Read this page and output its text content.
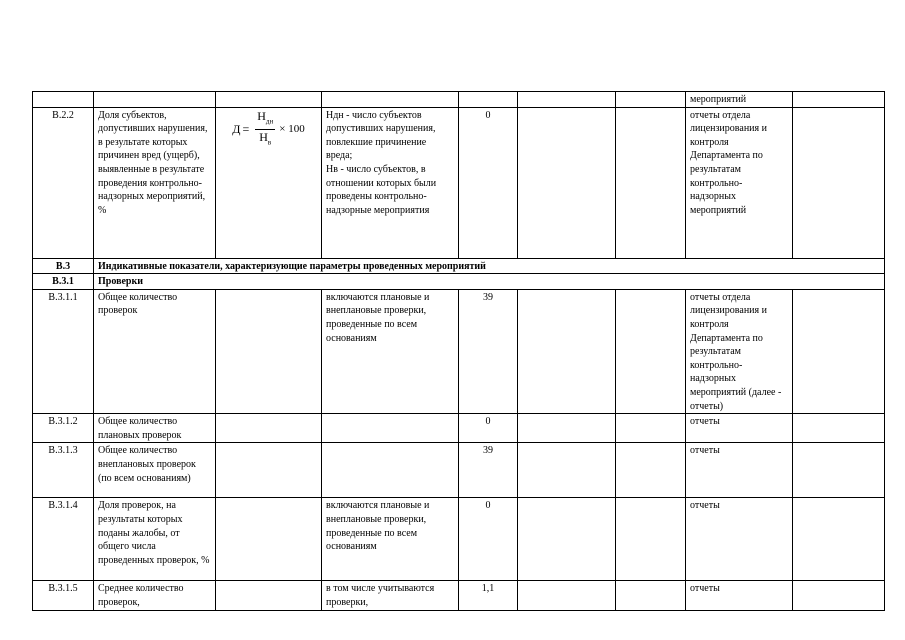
							мероприятий	
В.2.2	Доля субъектов, допустивших нарушения, в результате которых причинен вред (ущерб), выявленные в результате проведения контрольно-надзорных мероприятий, %	$Д = \frac{Н_{дн}}{Н_в} \times 100$	Ндн - число субъектов допустивших нарушения, повлекшие причинение вреда;
Нв - число субъектов, в отношении которых были проведены контрольно-надзорные мероприятия	0			отчеты отдела лицензирования и контроля Департамента по результатам контрольно-надзорных мероприятий	
В.3	Индикативные показатели, характеризующие параметры проведенных мероприятий							
В.3.1	Проверки							
В.3.1.1	Общее количество проверок		включаются плановые и внеплановые проверки, проведенные по всем основаниям	39			отчеты отдела лицензирования и контроля Департамента по результатам контрольно-надзорных мероприятий (далее - отчеты)	
В.3.1.2	Общее количество плановых проверок			0			отчеты	
В.3.1.3	Общее количество внеплановых проверок (по всем основаниям)			39			отчеты	
В.3.1.4	Доля проверок, на результаты которых поданы жалобы, от общего числа проведенных проверок, %		включаются плановые и внеплановые проверки, проведенные по всем основаниям	0			отчеты	
В.3.1.5	Среднее количество проверок,		в том числе учитываются проверки,	1,1			отчеты	
